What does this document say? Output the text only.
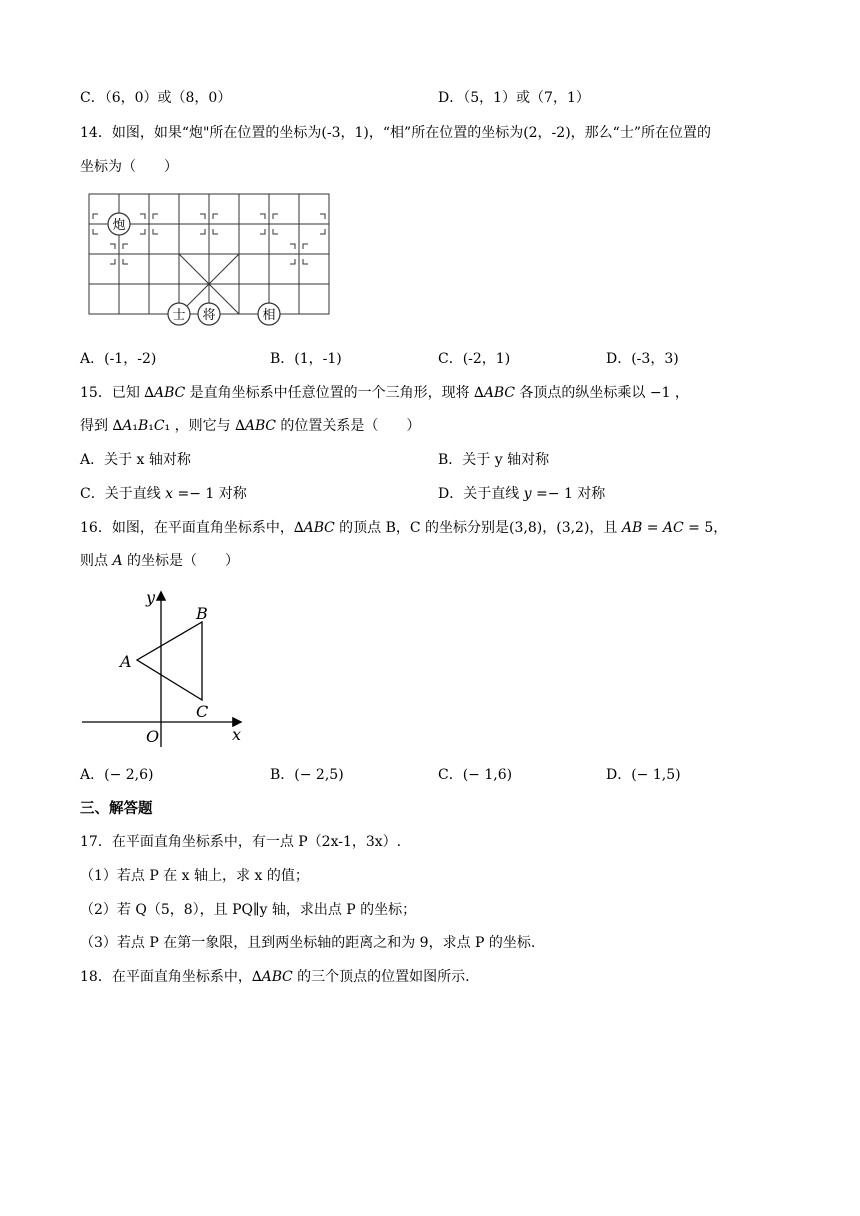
C．（6，0）或（8，0）	D．（5，1）或（7，1）
14．如图，如果“炮"所在位置的坐标为(-3，1)，“相”所在位置的坐标为(2，-2)，那么“士”所在位置的
坐标为（　　）
炮
士 将	相
A．(-1，-2)	B．(1，-1)	C．(-2，1)	D．(-3，3)
15．已知 ∆𝐴𝐵𝐶 是直角坐标系中任意位置的一个三角形，现将 ∆𝐴𝐵𝐶 各顶点的纵坐标乘以 −1 ，
得到 ∆𝐴₁𝐵₁𝐶₁ ，则它与 ∆𝐴𝐵𝐶 的位置关系是（　　）
A．关于 x 轴对称	B．关于 y 轴对称
C．关于直线 𝑥 =− 1 对称	D．关于直线 𝑦 =− 1 对称
16．如图，在平面直角坐标系中，∆𝐴𝐵𝐶 的顶点 B，C 的坐标分别是(3,8)，(3,2)，且 𝐴𝐵 = 𝐴𝐶 = 5，
则点 𝐴 的坐标是（　　）
y
x
O
A
B
C
A．(− 2,6)	B．(− 2,5)	C．(− 1,6)	D．(− 1,5)
三、解答题
17．在平面直角坐标系中，有一点 P（2x-1，3x）.
（1）若点 P 在 x 轴上，求 x 的值；
（2）若 Q（5，8），且 PQ∥y 轴，求出点 P 的坐标；
（3）若点 P 在第一象限，且到两坐标轴的距离之和为 9，求点 P 的坐标.
18．在平面直角坐标系中，∆𝐴𝐵𝐶 的三个顶点的位置如图所示.
